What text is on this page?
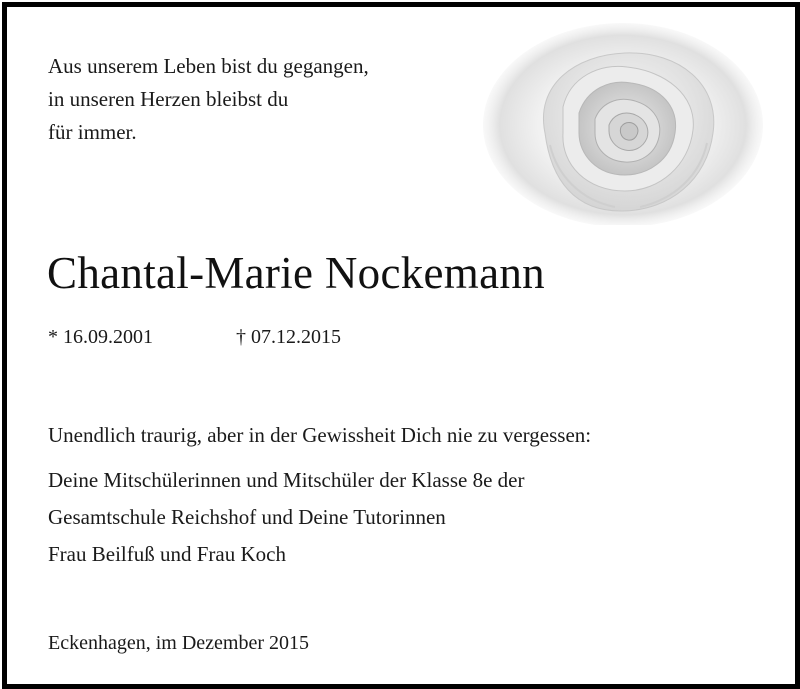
Aus unserem Leben bist du gegangen,
in unseren Herzen bleibst du
für immer.
Chantal-Marie Nockemann
* 16.09.2001	† 07.12.2015
Unendlich traurig, aber in der Gewissheit Dich nie zu vergessen:
Deine Mitschülerinnen und Mitschüler der Klasse 8e der
Gesamtschule Reichshof und Deine Tutorinnen
Frau Beilfuß und Frau Koch
Eckenhagen, im Dezember 2015
